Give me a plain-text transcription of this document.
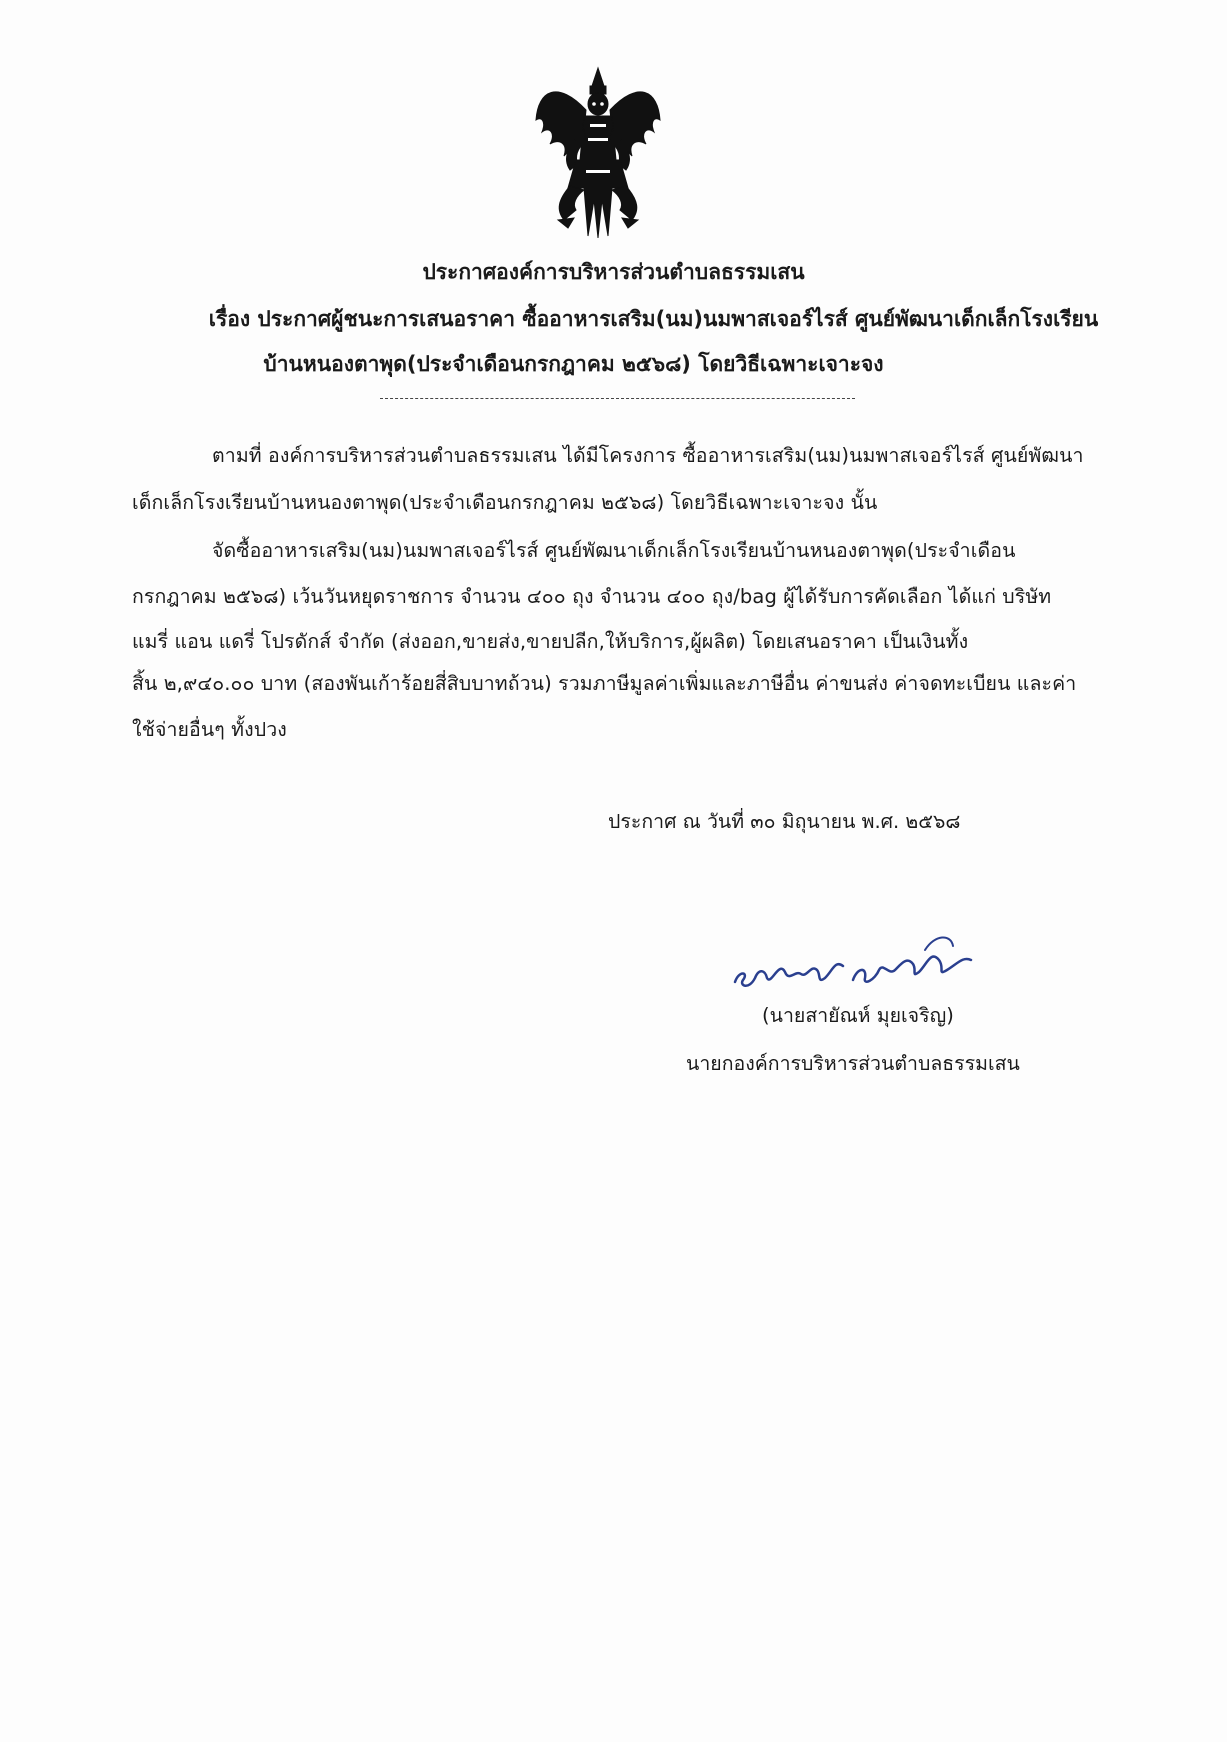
ประกาศองค์การบริหารส่วนตำบลธรรมเสน
เรื่อง ประกาศผู้ชนะการเสนอราคา ซื้ออาหารเสริม(นม)นมพาสเจอร์ไรส์ ศูนย์พัฒนาเด็กเล็กโรงเรียน
บ้านหนองตาพุด(ประจำเดือนกรกฎาคม ๒๕๖๘) โดยวิธีเฉพาะเจาะจง
ตามที่ องค์การบริหารส่วนตำบลธรรมเสน ได้มีโครงการ ซื้ออาหารเสริม(นม)นมพาสเจอร์ไรส์ ศูนย์พัฒนา
เด็กเล็กโรงเรียนบ้านหนองตาพุด(ประจำเดือนกรกฎาคม ๒๕๖๘) โดยวิธีเฉพาะเจาะจง นั้น
จัดซื้ออาหารเสริม(นม)นมพาสเจอร์ไรส์ ศูนย์พัฒนาเด็กเล็กโรงเรียนบ้านหนองตาพุด(ประจำเดือน
กรกฎาคม ๒๕๖๘) เว้นวันหยุดราชการ จำนวน ๔๐๐ ถุง จำนวน ๔๐๐ ถุง/bag ผู้ได้รับการคัดเลือก ได้แก่ บริษัท
แมรี่ แอน แดรี่ โปรดักส์ จำกัด (ส่งออก,ขายส่ง,ขายปลีก,ให้บริการ,ผู้ผลิต) โดยเสนอราคา เป็นเงินทั้ง
สิ้น ๒,๙๔๐.๐๐ บาท (สองพันเก้าร้อยสี่สิบบาทถ้วน) รวมภาษีมูลค่าเพิ่มและภาษีอื่น ค่าขนส่ง ค่าจดทะเบียน และค่า
ใช้จ่ายอื่นๆ ทั้งปวง
ประกาศ ณ วันที่ ๓๐ มิถุนายน พ.ศ. ๒๕๖๘
(นายสายัณห์ มุยเจริญ)
นายกองค์การบริหารส่วนตำบลธรรมเสน
